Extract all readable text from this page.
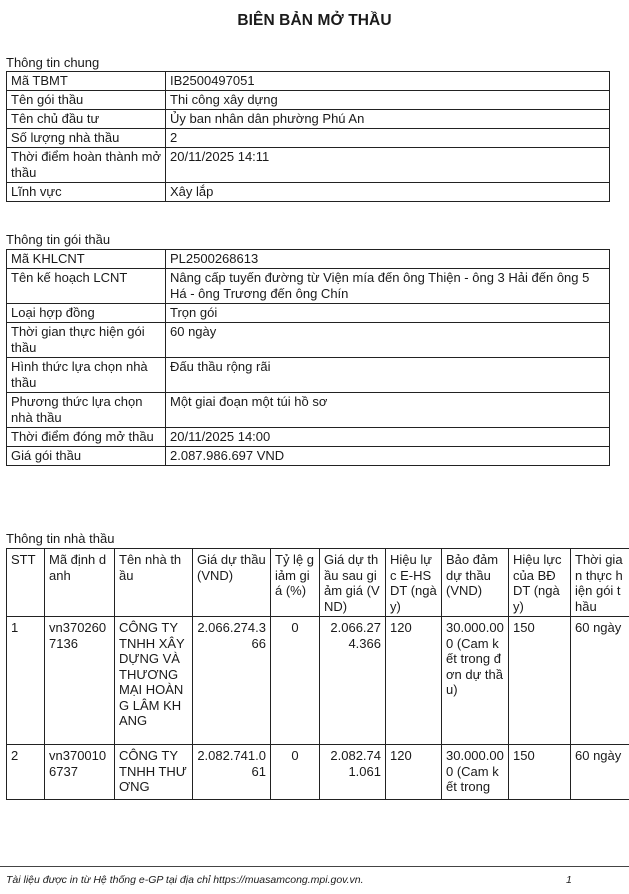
BIÊN BẢN MỞ THẦU
Thông tin chung
Mã TBMT	IB2500497051
Tên gói thầu	Thi công xây dựng
Tên chủ đầu tư	Ủy ban nhân dân phường Phú An
Số lượng nhà thầu	2
Thời điểm hoàn thành mở thầu	20/11/2025 14:11
Lĩnh vực	Xây lắp
Thông tin gói thầu
Mã KHLCNT	PL2500268613
Tên kế hoạch LCNT	Nâng cấp tuyến đường từ Viện mía đến ông Thiện - ông 3 Hải đến ông 5 Há - ông Trương đến ông Chín
Loại hợp đồng	Trọn gói
Thời gian thực hiện gói thầu	60 ngày
Hình thức lựa chọn nhà thầu	Đấu thầu rộng rãi
Phương thức lựa chọn nhà thầu	Một giai đoạn một túi hồ sơ
Thời điểm đóng mở thầu	20/11/2025 14:00
Giá gói thầu	2.087.986.697 VND
Thông tin nhà thầu
STT	Mã định danh	Tên nhà thầu	Giá dự thầu (VND)	Tỷ lệ giảm giá (%)	Giá dự thầu sau giảm giá (VND)	Hiệu lực E-HSDT (ngày)	Bảo đảm dự thầu (VND)	Hiệu lực của BĐ DT (ngày)	Thời gian thực hiện gói thầu
1	vn3702607136	CÔNG TY TNHH XÂY DỰNG VÀ THƯƠNG MẠI HOÀNG LÂM KHANG	2.066.274.366	0	2.066.274.366	120	30.000.000 (Cam kết trong đơn dự thầu)	150	60 ngày
2	vn3700106737	CÔNG TY TNHH THƯƠNG	2.082.741.061	0	2.082.741.061	120	30.000.000 (Cam kết trong	150	60 ngày
Tài liệu được in từ Hệ thống e-GP tại địa chỉ https://muasamcong.mpi.gov.vn.	1
